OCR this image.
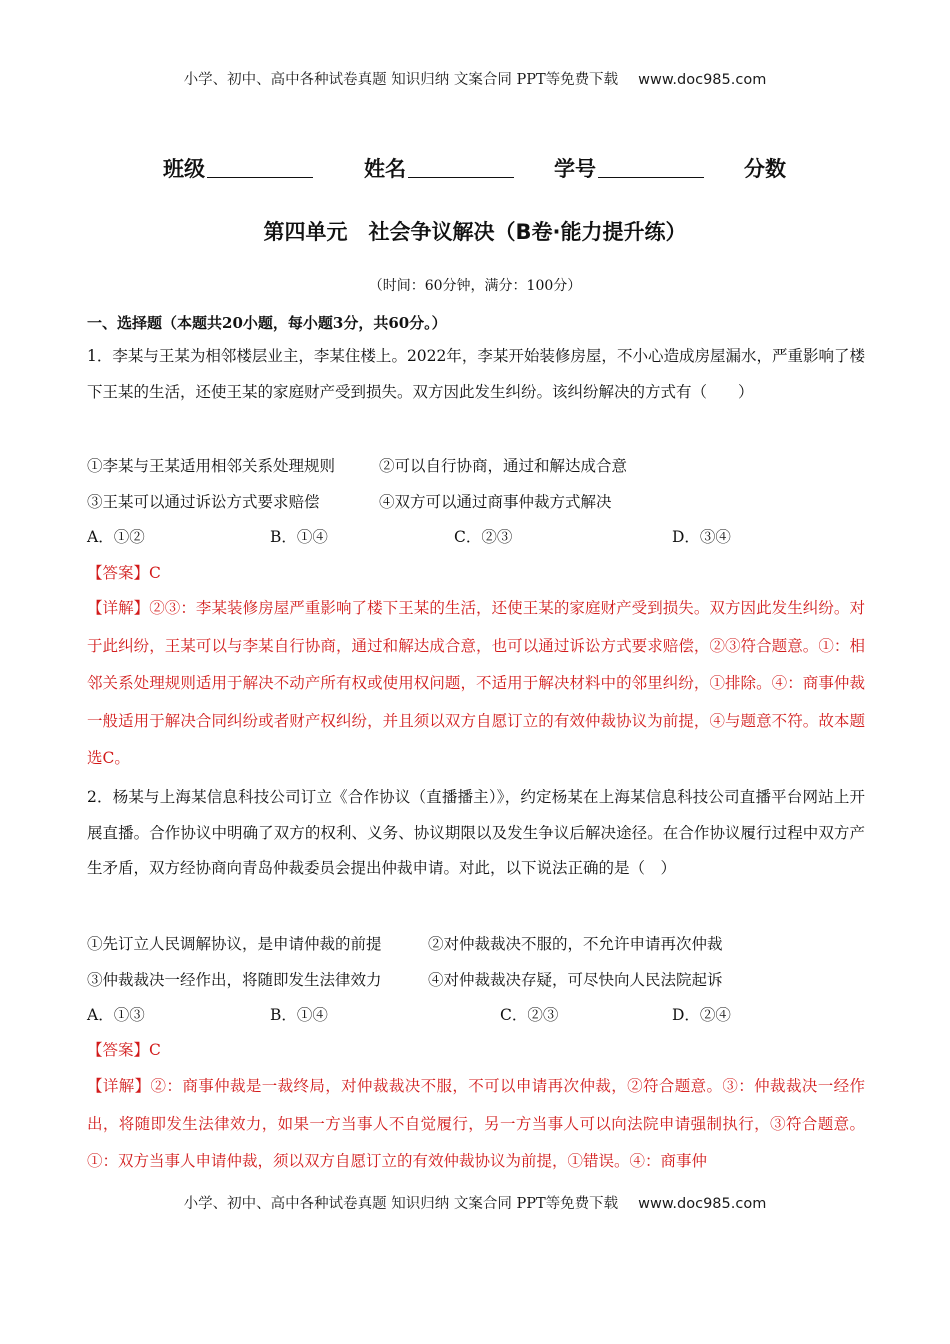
小学、初中、高中各种试卷真题 知识归纳 文案合同 PPT等免费下载 www.doc985.com
班级	姓名	学号	分数
第四单元　社会争议解决（B卷·能力提升练）
（时间：60分钟，满分：100分）
一、选择题（本题共20小题，每小题3分，共60分。）
1．李某与王某为相邻楼层业主，李某住楼上。2022年，李某开始装修房屋，不小心造成房屋漏水，严重影响了楼下王某的生活，还使王某的家庭财产受到损失。双方因此发生纠纷。该纠纷解决的方式有（　　）
①李某与王某适用相邻关系处理规则	②可以自行协商，通过和解达成合意
③王某可以通过诉讼方式要求赔偿	④双方可以通过商事仲裁方式解决
A．①②	B．①④	C．②③	D．③④
【答案】C
【详解】②③：李某装修房屋严重影响了楼下王某的生活，还使王某的家庭财产受到损失。双方因此发生纠纷。对于此纠纷，王某可以与李某自行协商，通过和解达成合意，也可以通过诉讼方式要求赔偿，②③符合题意。①：相邻关系处理规则适用于解决不动产所有权或使用权问题，不适用于解决材料中的邻里纠纷，①排除。④：商事仲裁一般适用于解决合同纠纷或者财产权纠纷，并且须以双方自愿订立的有效仲裁协议为前提，④与题意不符。故本题选C。
2．杨某与上海某信息科技公司订立《合作协议（直播播主）》，约定杨某在上海某信息科技公司直播平台网站上开展直播。合作协议中明确了双方的权利、义务、协议期限以及发生争议后解决途径。在合作协议履行过程中双方产生矛盾，双方经协商向青岛仲裁委员会提出仲裁申请。对此，以下说法正确的是（　）
①先订立人民调解协议，是申请仲裁的前提	②对仲裁裁决不服的，不允许申请再次仲裁
③仲裁裁决一经作出，将随即发生法律效力	④对仲裁裁决存疑，可尽快向人民法院起诉
A．①③	B．①④	C．②③	D．②④
【答案】C
【详解】②：商事仲裁是一裁终局，对仲裁裁决不服，不可以申请再次仲裁，②符合题意。③：仲裁裁决一经作出，将随即发生法律效力，如果一方当事人不自觉履行，另一方当事人可以向法院申请强制执行，③符合题意。①：双方当事人申请仲裁，须以双方自愿订立的有效仲裁协议为前提，①错误。④：商事仲
小学、初中、高中各种试卷真题 知识归纳 文案合同 PPT等免费下载 www.doc985.com
